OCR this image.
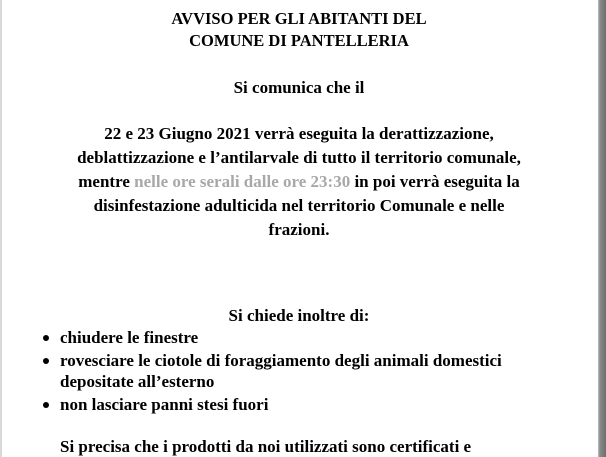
AVVISO PER GLI ABITANTI DEL
COMUNE DI PANTELLERIA
Si comunica che il
22 e 23 Giugno 2021 verrà eseguita la derattizzazione,
deblattizzazione e l’antilarvale di tutto il territorio comunale,
mentre nelle ore serali dalle ore 23:30 in poi verrà eseguita la
disinfestazione adulticida nel territorio Comunale e nelle
frazioni.
Si chiede inoltre di:
chiudere le finestre
rovesciare le ciotole di foraggiamento degli animali domestici
depositate all’esterno
non lasciare panni stesi fuori
Si precisa che i prodotti da noi utilizzati sono certificati e
